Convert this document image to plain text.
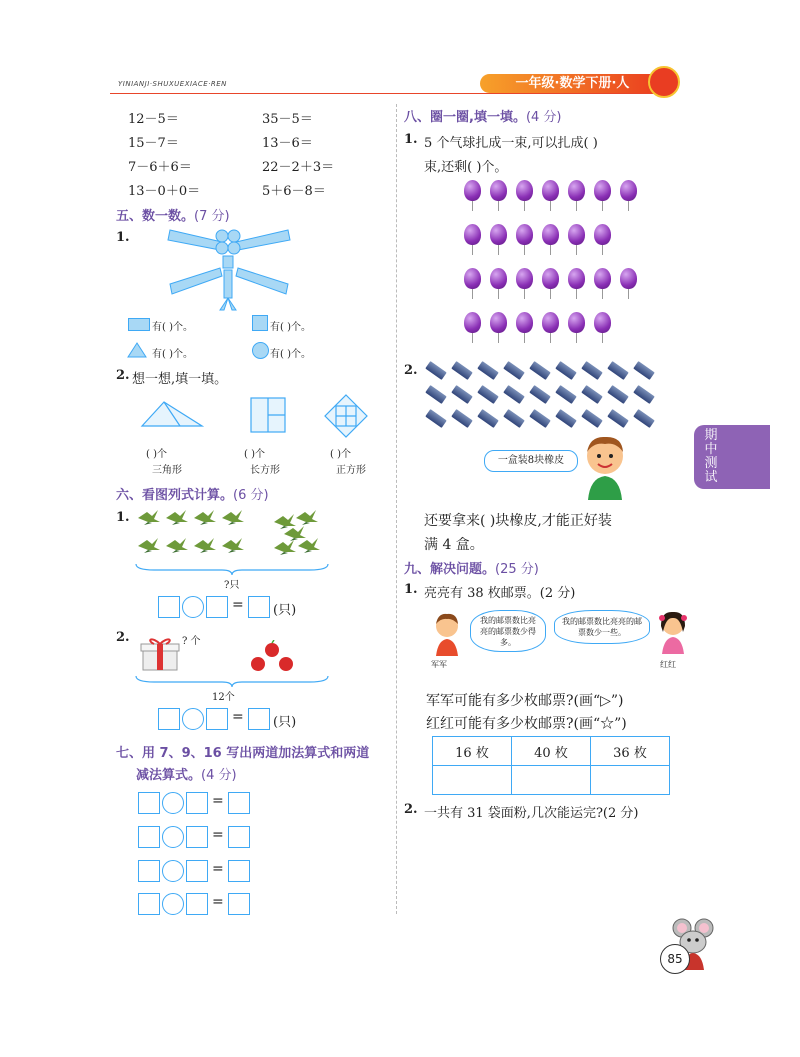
YINIANJI·SHUXUEXIACE·REN	一年级·数学下册·人
12－5＝	35－5＝
15－7＝	13－6＝
7－6＋6＝	22－2＋3＝
13－0＋0＝	5＋6－8＝
五、数一数。(7 分)
1.
有( )个。	有( )个。
有( )个。	有( )个。
2. 想一想,填一填。
( )个	( )个	( )个
三角形	长方形	正方形
六、看图列式计算。(6 分)
1.
?只
= (只)
2.	? 个
12个
= (只)
七、用 7、9、16 写出两道加法算式和两道
减法算式。(4 分)
=
=
=
=
八、圈一圈,填一填。(4 分)
1. 5 个气球扎成一束,可以扎成( )
束,还剩( )个。
2.
一盒装8块橡皮
还要拿来( )块橡皮,才能正好装
满 4 盒。
九、解决问题。(25 分)
1. 亮亮有 38 枚邮票。(2 分)
军军
我的邮票数比亮亮的邮票数少得多。
我的邮票数比亮亮的邮票数少一些。
红红
军军可能有多少枚邮票?(画“▷”)
红红可能有多少枚邮票?(画“☆”)
16 枚	40 枚	36 枚

2. 一共有 31 袋面粉,几次能运完?(2 分)
期
中
测
试
85
